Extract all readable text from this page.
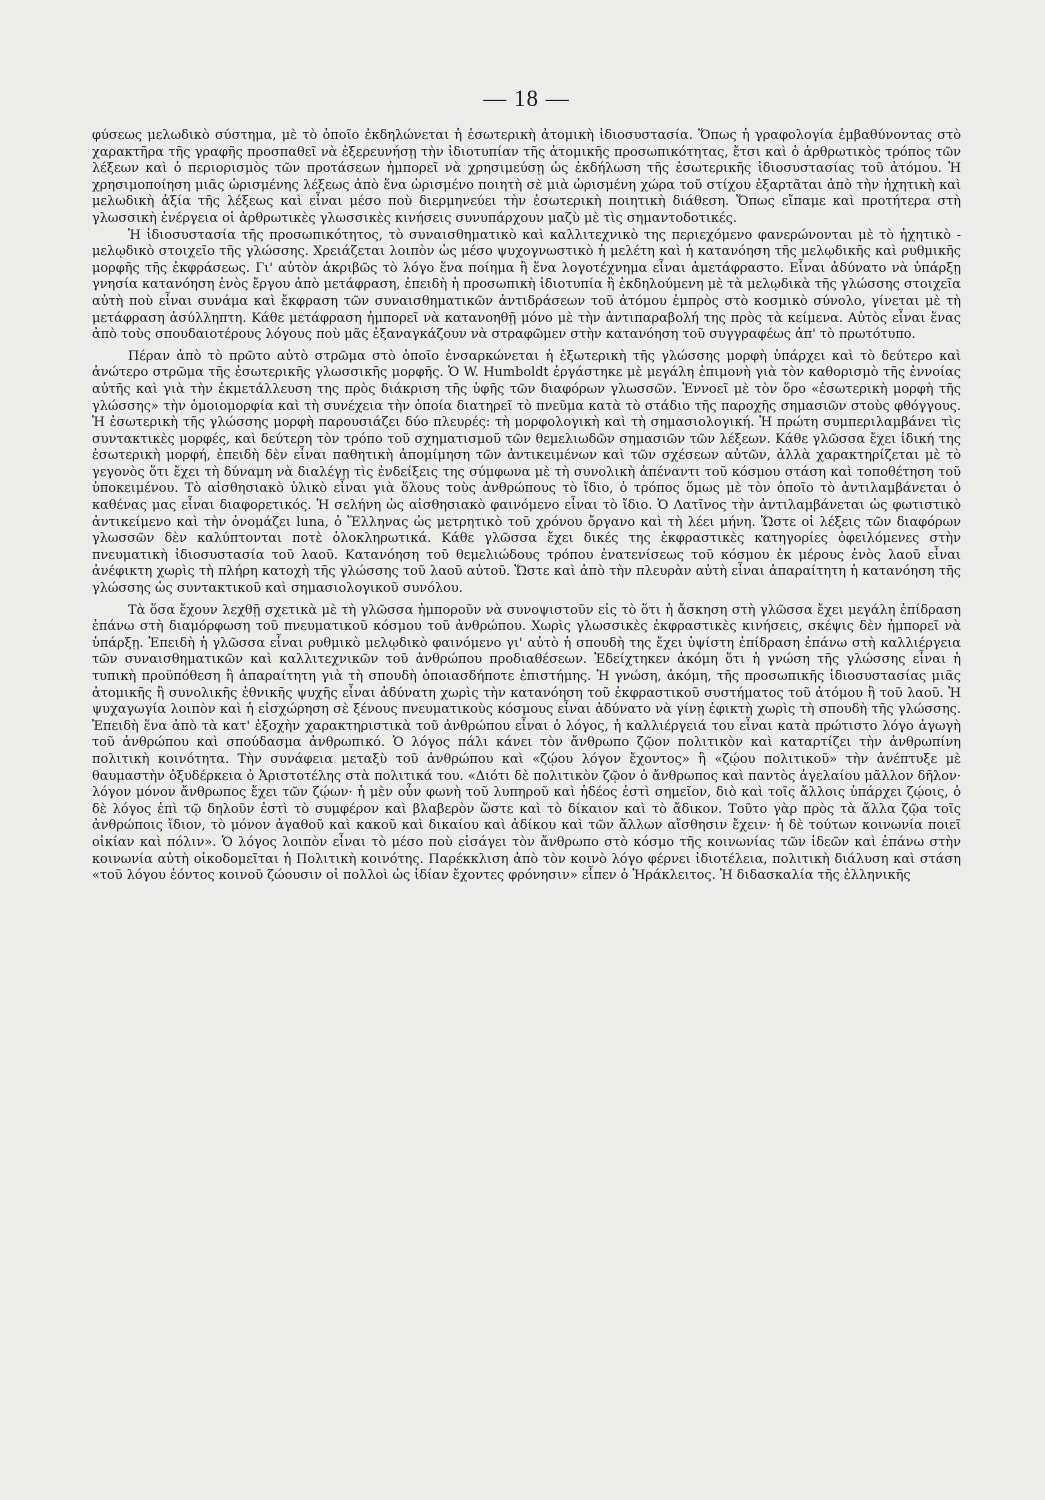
— 18 —

φύσεως μελωδικὸ σύστημα, μὲ τὸ ὁποῖο ἐκδηλώνεται ἡ ἐσωτερικὴ ἀτομικὴ ἰδιοσυστασία. Ὅπως ἡ γραφολογία ἐμβαθύνοντας στὸ χαρακτῆρα τῆς γραφῆς προσπαθεῖ νὰ ἐξερευνήσῃ τὴν ἰδιοτυπίαν τῆς ἀτομικῆς προσωπικότητας, ἔτσι καὶ ὁ ἀρθρωτικὸς τρόπος τῶν λέξεων καὶ ὁ περιορισμὸς τῶν προτάσεων ἠμπορεῖ νὰ χρησιμεύσῃ ὡς ἐκδήλωση τῆς ἐσωτερικῆς ἰδιοσυστασίας τοῦ ἀτόμου. Ἡ χρησιμοποίηση μιᾶς ὡρισμένης λέξεως ἀπὸ ἕνα ὡρισμένο ποιητὴ σὲ μιὰ ὡρισμένη χώρα τοῦ στίχου ἐξαρτᾶται ἀπὸ τὴν ἠχητικὴ καὶ μελωδικὴ ἀξία τῆς λέξεως καὶ εἶναι μέσο ποὺ διερμηνεύει τὴν ἐσωτερικὴ ποιητικὴ διάθεση. Ὅπως εἴπαμε καὶ προτήτερα στὴ γλωσσικὴ ἐνέργεια οἱ ἀρθρωτικὲς γλωσσικὲς κινήσεις συνυπάρχουν μαζὺ μὲ τὶς σημαντοδοτικές.

Ἡ ἰδιοσυστασία τῆς προσωπικότητος, τὸ συναισθηματικὸ καὶ καλλιτεχνικὸ της περιεχόμενο φανερώνονται μὲ τὸ ἠχητικὸ - μελῳδικὸ στοιχεῖο τῆς γλώσσης. Χρειάζεται λοιπὸν ὡς μέσο ψυχογνωστικὸ ἡ μελέτη καὶ ἡ κατανόηση τῆς μελῳδικῆς καὶ ρυθμικῆς μορφῆς τῆς ἐκφράσεως. Γι' αὐτὸν ἀκριβῶς τὸ λόγο ἕνα ποίημα ἢ ἕνα λογοτέχνημα εἶναι ἀμετάφραστο. Εἶναι ἀδύνατο νὰ ὑπάρξῃ γνησία κατανόηση ἑνὸς ἔργου ἀπὸ μετάφραση, ἐπειδὴ ἡ προσωπικὴ ἰδιοτυπία ἢ ἐκδηλούμενη μὲ τὰ μελῳδικὰ τῆς γλώσσης στοιχεῖα αὐτὴ ποὺ εἶναι συνάμα καὶ ἔκφραση τῶν συναισθηματικῶν ἀντιδράσεων τοῦ ἀτόμου ἐμπρὸς στὸ κοσμικὸ σύνολο, γίνεται μὲ τὴ μετάφραση ἀσύλληπτη. Κάθε μετάφραση ἠμπορεῖ νὰ κατανοηθῇ μόνο μὲ τὴν ἀντιπαραβολή της πρὸς τὰ κείμενα. Αὐτὸς εἶναι ἕνας ἀπὸ τοὺς σπουδαιοτέρους λόγους ποὺ μᾶς ἐξαναγκάζουν νὰ στραφῶμεν στὴν κατανόηση τοῦ συγγραφέως ἀπ' τὸ πρωτότυπο.

Πέραν ἀπὸ τὸ πρῶτο αὐτὸ στρῶμα στὸ ὁποῖο ἐνσαρκώνεται ἡ ἐξωτερικὴ τῆς γλώσσης μορφὴ ὑπάρχει καὶ τὸ δεύτερο καὶ ἀνώτερο στρῶμα τῆς ἐσωτερικῆς γλωσσικῆς μορφῆς. Ὁ W. Humboldt ἐργάστηκε μὲ μεγάλη ἐπιμονὴ γιὰ τὸν καθορισμὸ τῆς ἐννοίας αὐτῆς καὶ γιὰ τὴν ἐκμετάλλευση της πρὸς διάκριση τῆς ὑφῆς τῶν διαφόρων γλωσσῶν. Ἐννοεῖ μὲ τὸν ὅρο «ἐσωτερικὴ μορφὴ τῆς γλώσσης» τὴν ὁμοιομορφία καὶ τὴ συνέχεια τὴν ὁποία διατηρεῖ τὸ πνεῦμα κατὰ τὸ στάδιο τῆς παροχῆς σημασιῶν στοὺς φθόγγους. Ἡ ἐσωτερικὴ τῆς γλώσσης μορφὴ παρουσιάζει δύο πλευρές: τὴ μορφολογικὴ καὶ τὴ σημασιολογική. Ἡ πρώτη συμπεριλαμβάνει τὶς συντακτικὲς μορφές, καὶ δεύτερη τὸν τρόπο τοῦ σχηματισμοῦ τῶν θεμελιωδῶν σημασιῶν τῶν λέξεων. Κάθε γλῶσσα ἔχει ἰδική της ἐσωτερικὴ μορφή, ἐπειδὴ δὲν εἶναι παθητικὴ ἀπομίμηση τῶν ἀντικειμένων καὶ τῶν σχέσεων αὐτῶν, ἀλλὰ χαρακτηρίζεται μὲ τὸ γεγονὸς ὅτι ἔχει τὴ δύναμη νὰ διαλέγῃ τὶς ἐνδείξεις της σύμφωνα μὲ τὴ συνολικὴ ἀπέναντι τοῦ κόσμου στάση καὶ τοποθέτηση τοῦ ὑποκειμένου. Τὸ αἰσθησιακὸ ὑλικὸ εἶναι γιὰ ὅλους τοὺς ἀνθρώπους τὸ ἴδιο, ὁ τρόπος ὅμως μὲ τὸν ὁποῖο τὸ ἀντιλαμβάνεται ὁ καθένας μας εἶναι διαφορετικός. Ἡ σελήνη ὡς αἰσθησιακὸ φαινόμενο εἶναι τὸ ἴδιο. Ὁ Λατῖνος τὴν ἀντιλαμβάνεται ὡς φωτιστικὸ ἀντικείμενο καὶ τὴν ὀνομάζει luna, ὁ Ἕλληνας ὡς μετρητικὸ τοῦ χρόνου ὄργανο καὶ τὴ λέει μήνη. Ὥστε οἱ λέξεις τῶν διαφόρων γλωσσῶν δὲν καλύπτονται ποτὲ ὁλοκληρωτικά. Κάθε γλῶσσα ἔχει δικές της ἐκφραστικὲς κατηγορίες ὀφειλόμενες στὴν πνευματικὴ ἰδιοσυστασία τοῦ λαοῦ. Κατανόηση τοῦ θεμελιώδους τρόπου ἐνατενίσεως τοῦ κόσμου ἐκ μέρους ἑνὸς λαοῦ εἶναι ἀνέφικτη χωρὶς τὴ πλήρη κατοχὴ τῆς γλώσσης τοῦ λαοῦ αὐτοῦ. Ὥστε καὶ ἀπὸ τὴν πλευρὰν αὐτὴ εἶναι ἀπαραίτητη ἡ κατανόηση τῆς γλώσσης ὡς συντακτικοῦ καὶ σημασιολογικοῦ συνόλου.

Τὰ ὅσα ἔχουν λεχθῇ σχετικὰ μὲ τὴ γλῶσσα ἠμποροῦν νὰ συνοψιστοῦν εἰς τὸ ὅτι ἡ ἄσκηση στὴ γλῶσσα ἔχει μεγάλη ἐπίδραση ἐπάνω στὴ διαμόρφωση τοῦ πνευματικοῦ κόσμου τοῦ ἀνθρώπου. Χωρὶς γλωσσικὲς ἐκφραστικὲς κινήσεις, σκέψις δὲν ἠμπορεῖ νὰ ὑπάρξῃ. Ἐπειδὴ ἡ γλῶσσα εἶναι ρυθμικὸ μελῳδικὸ φαινόμενο γι' αὐτὸ ἡ σπουδὴ της ἔχει ὑψίστη ἐπίδραση ἐπάνω στὴ καλλιέργεια τῶν συναισθηματικῶν καὶ καλλιτεχνικῶν τοῦ ἀνθρώπου προδιαθέσεων. Ἐδείχτηκεν ἀκόμη ὅτι ἡ γνώση τῆς γλώσσης εἶναι ἡ τυπικὴ προϋπόθεση ἢ ἀπαραίτητη γιὰ τὴ σπουδὴ ὁποιασδήποτε ἐπιστήμης. Ἡ γνώση, ἀκόμη, τῆς προσωπικῆς ἰδιοσυστασίας μιᾶς ἀτομικῆς ἢ συνολικῆς ἐθνικῆς ψυχῆς εἶναι ἀδύνατη χωρὶς τὴν κατανόηση τοῦ ἐκφραστικοῦ συστήματος τοῦ ἀτόμου ἢ τοῦ λαοῦ. Ἡ ψυχαγωγία λοιπὸν καὶ ἡ εἰσχώρηση σὲ ξένους πνευματικοὺς κόσμους εἶναι ἀδύνατο νὰ γίνῃ ἐφικτὴ χωρὶς τὴ σπουδὴ τῆς γλώσσης. Ἐπειδὴ ἕνα ἀπὸ τὰ κατ' ἐξοχὴν χαρακτηριστικὰ τοῦ ἀνθρώπου εἶναι ὁ λόγος, ἡ καλλιέργειά του εἶναι κατὰ πρώτιστο λόγο ἀγωγὴ τοῦ ἀνθρώπου καὶ σπούδασμα ἀνθρωπικό. Ὁ λόγος πάλι κάνει τὸν ἄνθρωπο ζῷον πολιτικὸν καὶ καταρτίζει τὴν ἀνθρωπίνη πολιτικὴ κοινότητα. Τὴν συνάφεια μεταξὺ τοῦ ἀνθρώπου καὶ «ζῴου λόγον ἔχοντος» ἢ «ζῴου πολιτικοῦ» τὴν ἀνέπτυξε μὲ θαυμαστὴν ὀξυδέρκεια ὁ Ἀριστοτέλης στὰ πολιτικά του. «Διότι δὲ πολιτικὸν ζῷον ὁ ἄνθρωπος καὶ παντὸς ἀγελαίου μᾶλλον δῆλον· λόγον μόνον ἄνθρωπος ἔχει τῶν ζῴων· ἡ μὲν οὖν φωνὴ τοῦ λυπηροῦ καὶ ἡδέος ἐστὶ σημεῖον, διὸ καὶ τοῖς ἄλλοις ὑπάρχει ζῴοις, ὁ δὲ λόγος ἐπὶ τῷ δηλοῦν ἐστὶ τὸ συμφέρον καὶ βλαβερὸν ὥστε καὶ τὸ δίκαιον καὶ τὸ ἄδικον. Τοῦτο γὰρ πρὸς τὰ ἄλλα ζῷα τοῖς ἀνθρώποις ἴδιον, τὸ μόνον ἀγαθοῦ καὶ κακοῦ καὶ δικαίου καὶ ἀδίκου καὶ τῶν ἄλλων αἴσθησιν ἔχειν· ἡ δὲ τούτων κοινωνία ποιεῖ οἰκίαν καὶ πόλιν». Ὁ λόγος λοιπὸν εἶναι τὸ μέσο ποὺ εἰσάγει τὸν ἄνθρωπο στὸ κόσμο τῆς κοινωνίας τῶν ἰδεῶν καὶ ἐπάνω στὴν κοινωνία αὐτὴ οἰκοδομεῖται ἡ Πολιτικὴ κοινότης. Παρέκκλιση ἀπὸ τὸν κοινὸ λόγο φέρνει ἰδιοτέλεια, πολιτικὴ διάλυση καὶ στάση «τοῦ λόγου ἐόντος κοινοῦ ζώουσιν οἱ πολλοὶ ὡς ἰδίαν ἔχοντες φρόνησιν» εἶπεν ὁ Ἡράκλειτος. Ἡ διδασκαλία τῆς ἑλληνικῆς
